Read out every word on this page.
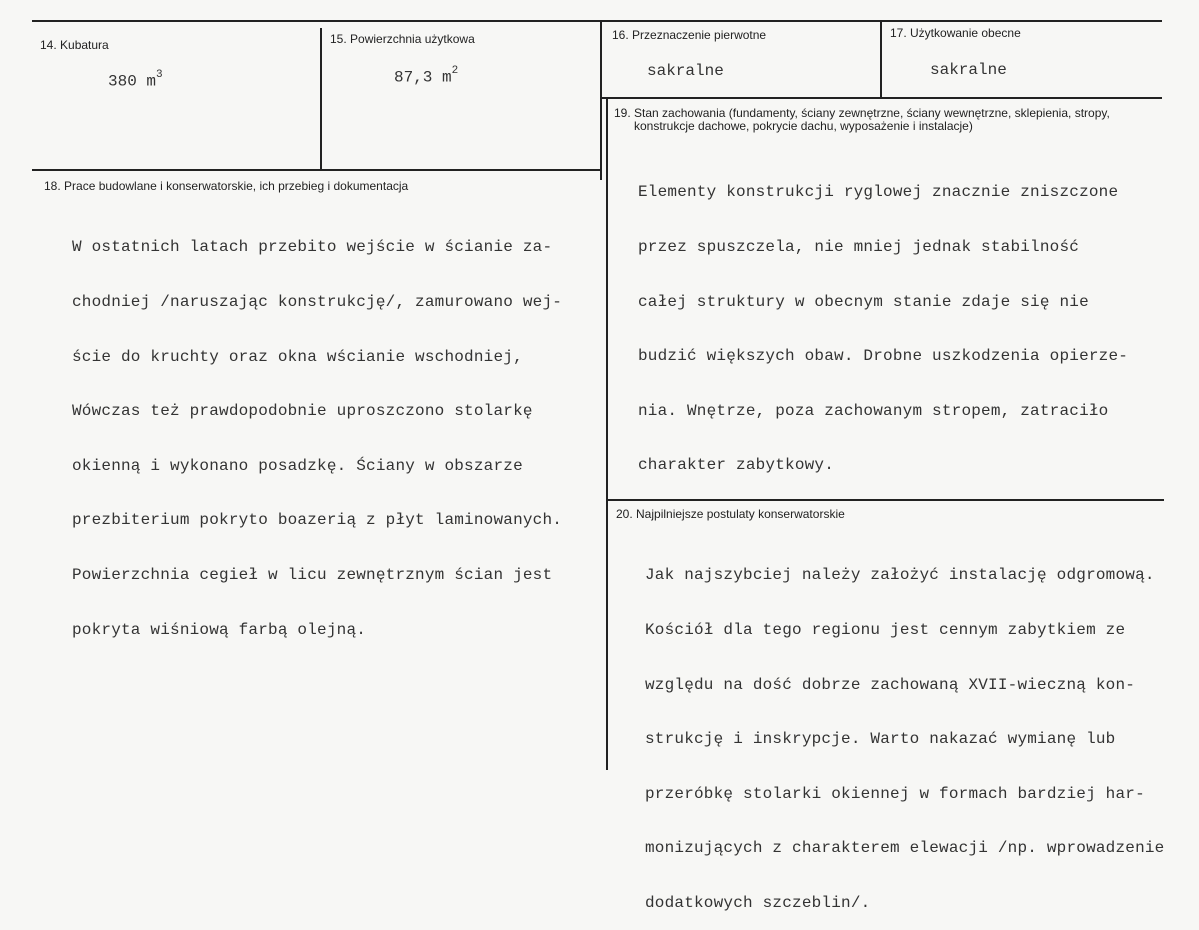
14. Kubatura
380 $m^3$
15. Powierzchnia użytkowa
87,3 $m^2$
16. Przeznaczenie pierwotne
sakralne
17. Użytkowanie obecne
sakralne
18. Prace budowlane i konserwatorskie, ich przebieg i dokumentacja

W ostatnich latach przebito wejście w ścianie za-

chodniej /naruszając konstrukcję/, zamurowano wej-

ście do kruchty oraz okna wścianie wschodniej,

Wówczas też prawdopodobnie uproszczono stolarkę

okienną i wykonano posadzkę. Ściany w obszarze

prezbiterium pokryto boazerią z płyt laminowanych.

Powierzchnia cegieł w licu zewnętrznym ścian jest

pokryta wiśniową farbą olejną.

19. Stan zachowania (fundamenty, ściany zewnętrzne, ściany wewnętrzne, sklepienia, stropy,
konstrukcje dachowe, pokrycie dachu, wyposażenie i instalacje)

Elementy konstrukcji ryglowej znacznie zniszczone

przez spuszczela, nie mniej jednak stabilność

całej struktury w obecnym stanie zdaje się nie

budzić większych obaw. Drobne uszkodzenia opierze-

nia. Wnętrze, poza zachowanym stropem, zatraciło

charakter zabytkowy.

20. Najpilniejsze postulaty konserwatorskie

Jak najszybciej należy założyć instalację odgromową.

Kościół dla tego regionu jest cennym zabytkiem ze

względu na dość dobrze zachowaną XVII-wieczną kon-

strukcję i inskrypcje. Warto nakazać wymianę lub

przeróbkę stolarki okiennej w formach bardziej har-

monizujących z charakterem elewacji /np. wprowadzenie

dodatkowych szczeblin/.
